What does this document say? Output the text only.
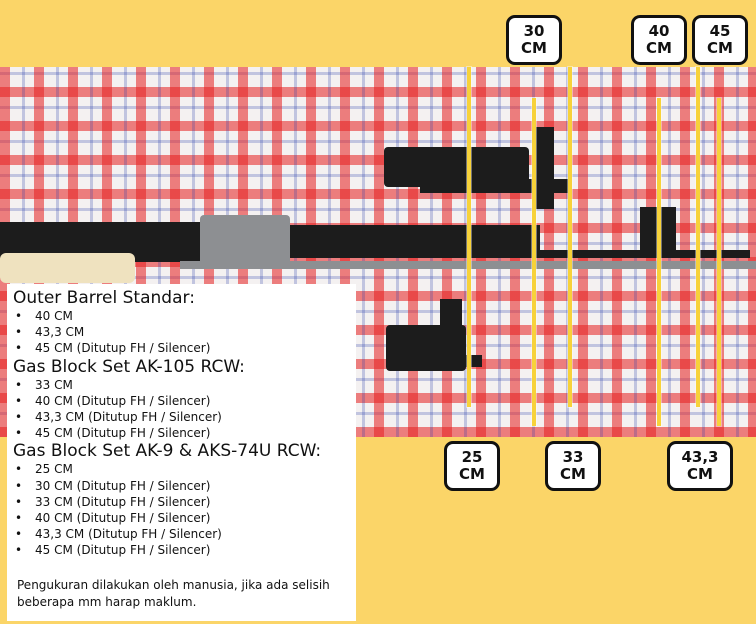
30
CM
40
CM
45
CM
25
CM
33
CM
43,3
CM
Outer Barrel Standar:
• 40 CM
• 43,3 CM
• 45 CM (Ditutup FH / Silencer)
Gas Block Set AK-105 RCW:
• 33 CM
• 40 CM (Ditutup FH / Silencer)
• 43,3 CM (Ditutup FH / Silencer)
• 45 CM (Ditutup FH / Silencer)
Gas Block Set AK-9 & AKS-74U RCW:
• 25 CM
• 30 CM (Ditutup FH / Silencer)
• 33 CM (Ditutup FH / Silencer)
• 40 CM (Ditutup FH / Silencer)
• 43,3 CM (Ditutup FH / Silencer)
• 45 CM (Ditutup FH / Silencer)
Pengukuran dilakukan oleh manusia, jika ada selisih beberapa mm harap maklum.
